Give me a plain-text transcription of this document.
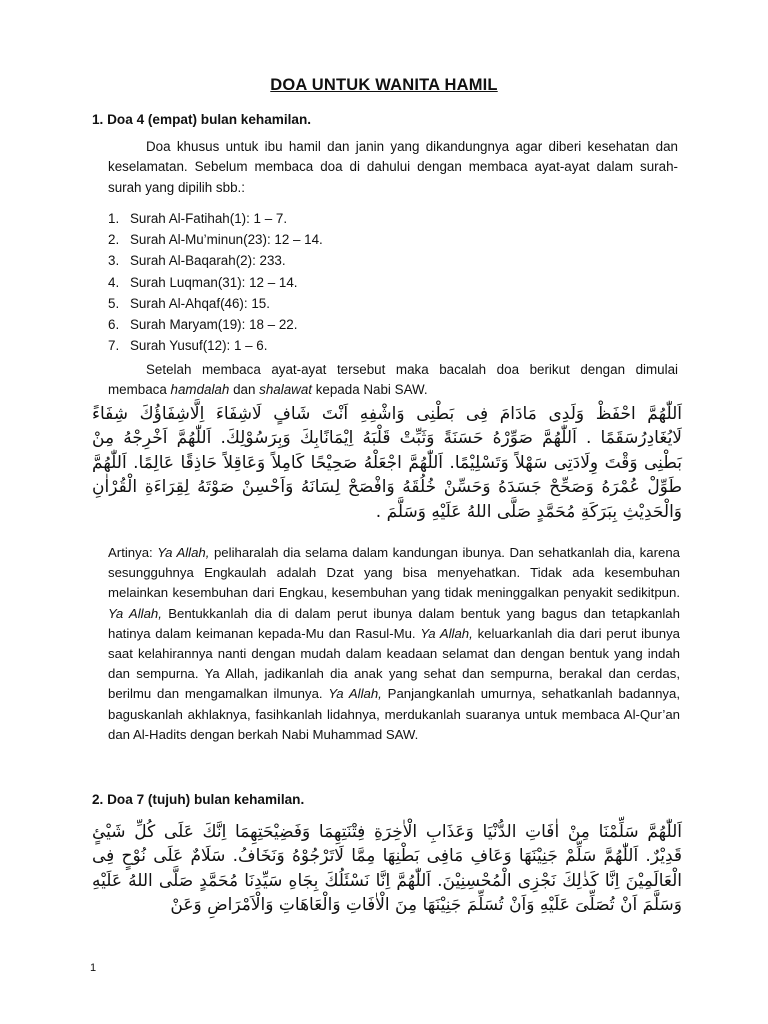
DOA UNTUK WANITA HAMIL
1. Doa 4 (empat) bulan kehamilan.

Doa khusus untuk ibu hamil dan janin yang dikandungnya agar diberi kesehatan dan keselamatan. Sebelum membaca doa di dahului dengan membaca ayat-ayat dalam surah-surah yang dipilih sbb.:

1. Surah Al-Fatihah(1): 1 – 7.
2. Surah Al-Mu’minun(23): 12 – 14.
3. Surah Al-Baqarah(2): 233.
4. Surah Luqman(31): 12 – 14.
5. Surah Al-Ahqaf(46): 15.
6. Surah Maryam(19): 18 – 22.
7. Surah Yusuf(12): 1 – 6.

Setelah membaca ayat-ayat tersebut maka bacalah doa berikut dengan dimulai membaca hamdalah dan shalawat kepada Nabi SAW.

اَللّٰهُمَّ احْفَظْ وَلَدِى مَادَامَ فِى بَطْنِى وَاشْفِهِ اَنْتَ شَافٍ لَاشِفَاءَ اِلَّاشِفَاؤُكَ شِفَاءً لَايُغَادِرُسَقَمًا . اَللّٰهُمَّ صَوِّرْهُ حَسَنَةً وَثَبِّتْ قَلْبَهُ اِيْمَانًابِكَ وَبِرَسُوْلِكَ. اَللّٰهُمَّ اَخْرِجْهُ مِنْ بَطْنِى وَقْتَ وِلَادَتِى سَهْلاً وَتَسْلِيْمًا. اَللّٰهُمَّ اجْعَلْهُ صَحِيْحًا كَامِلاً وَعَاقِلاً حَاذِقًا عَالِمًا. اَللّٰهُمَّ طَوِّلْ عُمْرَهُ وَصَحِّحْ جَسَدَهُ وَحَسِّنْ خُلُقَهُ وَافْصَحْ لِسَانَهُ وَاَحْسِنْ صَوْتَهُ لِقِرَاءَةِ الْقُرْاٰنِ وَالْحَدِيْثِ بِبَرَكَةِ مُحَمَّدٍ صَلَّى اللهُ عَلَيْهِ وَسَلَّمَ .

Artinya: Ya Allah, peliharalah dia selama dalam kandungan ibunya. Dan sehatkanlah dia, karena sesungguhnya Engkaulah adalah Dzat yang bisa menyehatkan. Tidak ada kesembuhan melainkan kesembuhan dari Engkau, kesembuhan yang tidak meninggalkan penyakit sedikitpun. Ya Allah, Bentukkanlah dia di dalam perut ibunya dalam bentuk yang bagus dan tetapkanlah hatinya dalam keimanan kepada-Mu dan Rasul-Mu. Ya Allah, keluarkanlah dia dari perut ibunya saat kelahirannya nanti dengan mudah dalam keadaan selamat dan dengan bentuk yang indah dan sempurna. Ya Allah, jadikanlah dia anak yang sehat dan sempurna, berakal dan cerdas, berilmu dan mengamalkan ilmunya. Ya Allah, Panjangkanlah umurnya, sehatkanlah badannya, baguskanlah akhlaknya, fasihkanlah lidahnya, merdukanlah suaranya untuk membaca Al-Qur’an dan Al-Hadits dengan berkah Nabi Muhammad SAW.

2. Doa 7 (tujuh) bulan kehamilan.

اَللّٰهُمَّ سَلِّمْنَا مِنْ اٰفَاتِ الدُّنْيَا وَعَذَابِ الْاٰخِرَةِ فِتْنَتِهِمَا وَفَضِيْحَتِهِمَا اِنَّكَ عَلَى كُلِّ شَيْئٍ قَدِيْرٌ. اَللّٰهُمَّ سَلِّمْ جَنِيْنَهَا وَعَافِ مَافِى بَطْنِهَا مِمَّا لَاتَرْجُوْهُ وَنَخَافُ. سَلَامٌ عَلَى نُوْحٍ فِى الْعَالَمِيْنَ اِنَّا كَذٰلِكَ نَجْزِى الْمُحْسِنِيْنَ. اَللّٰهُمَّ اِنَّا نَسْئَلُكَ بِجَاهِ سَيِّدِنَا مُحَمَّدٍ صَلَّى اللهُ عَلَيْهِ وَسَلَّمَ اَنْ تُصَلِّىَ عَلَيْهِ وَاَنْ تُسَلِّمَ جَنِيْنَهَا مِنَ الْاٰفَاتِ وَالْعَاهَاتِ وَالْاَمْرَاضِ وَعَنْ

1
